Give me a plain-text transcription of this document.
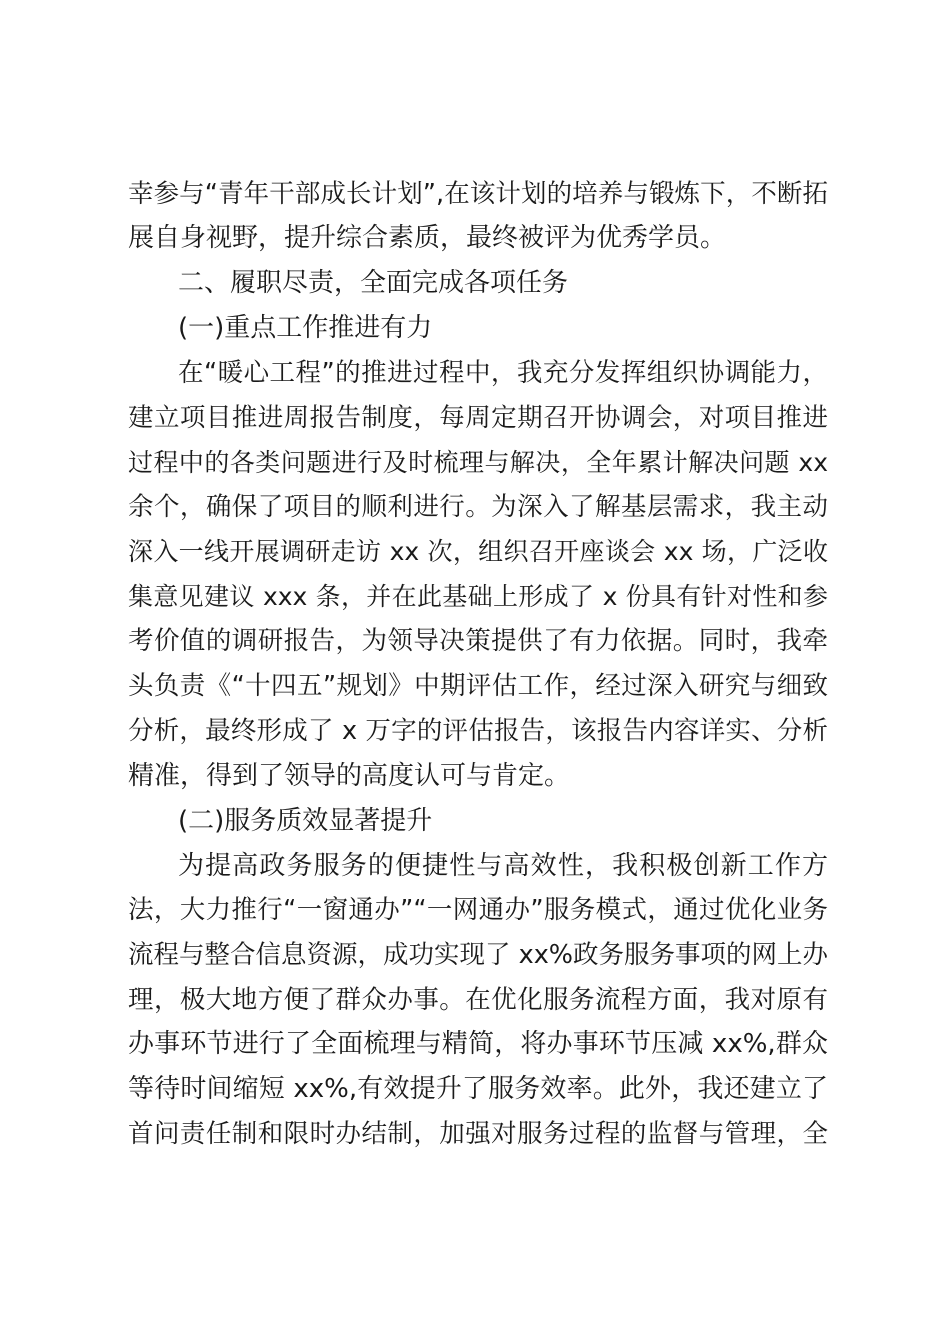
幸参与“青年干部成长计划”,在该计划的培养与锻炼下，不断拓
展自身视野，提升综合素质，最终被评为优秀学员。
二、履职尽责，全面完成各项任务
(一)重点工作推进有力
在“暖心工程”的推进过程中，我充分发挥组织协调能力，
建立项目推进周报告制度，每周定期召开协调会，对项目推进
过程中的各类问题进行及时梳理与解决，全年累计解决问题 xx
余个，确保了项目的顺利进行。为深入了解基层需求，我主动
深入一线开展调研走访 xx 次，组织召开座谈会 xx 场，广泛收
集意见建议 xxx 条，并在此基础上形成了 x 份具有针对性和参
考价值的调研报告，为领导决策提供了有力依据。同时，我牵
头负责《“十四五”规划》中期评估工作，经过深入研究与细致
分析，最终形成了 x 万字的评估报告，该报告内容详实、分析
精准，得到了领导的高度认可与肯定。
(二)服务质效显著提升
为提高政务服务的便捷性与高效性，我积极创新工作方
法，大力推行“一窗通办”“一网通办”服务模式，通过优化业务
流程与整合信息资源，成功实现了 xx%政务服务事项的网上办
理，极大地方便了群众办事。在优化服务流程方面，我对原有
办事环节进行了全面梳理与精简，将办事环节压减 xx%,群众
等待时间缩短 xx%,有效提升了服务效率。此外，我还建立了
首问责任制和限时办结制，加强对服务过程的监督与管理，全
